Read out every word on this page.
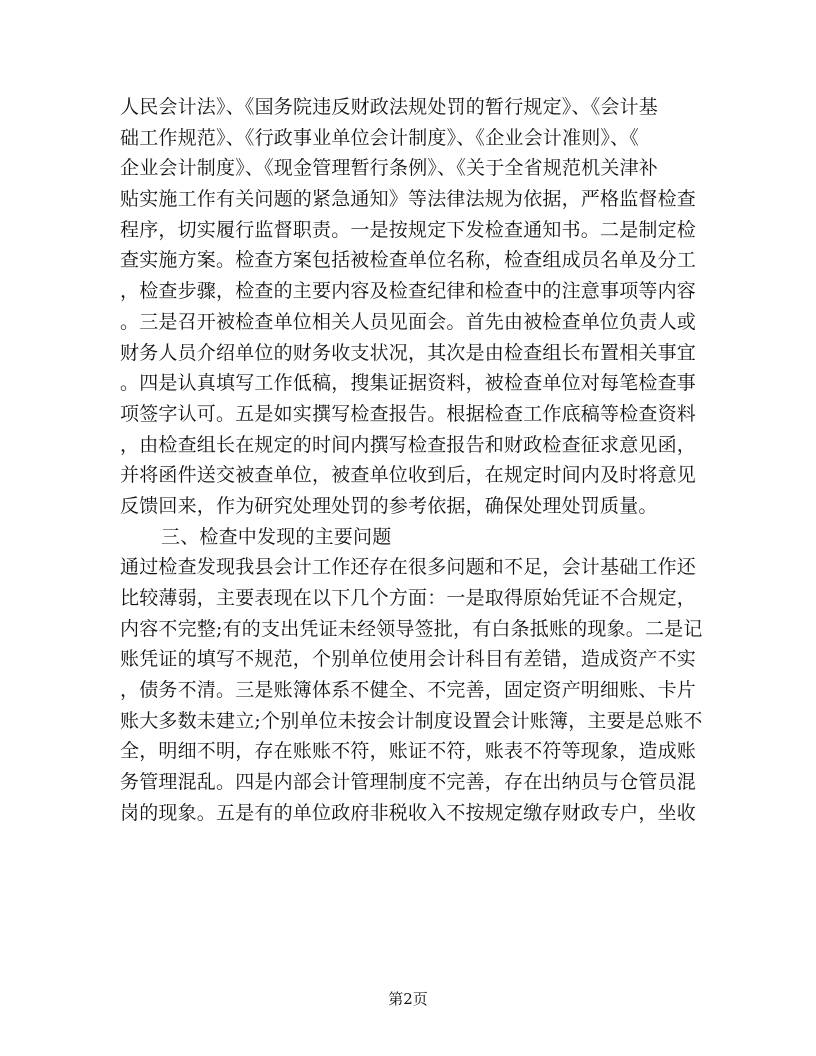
人民会计法》、《国务院违反财政法规处罚的暂行规定》、《会计基
础工作规范》、《行政事业单位会计制度》、《企业会计准则》、《
企业会计制度》、《现金管理暂行条例》、《关于全省规范机关津补
贴实施工作有关问题的紧急通知》等法律法规为依据，严格监督检查
程序，切实履行监督职责。一是按规定下发检查通知书。二是制定检
查实施方案。检查方案包括被检查单位名称，检查组成员名单及分工
，检查步骤，检查的主要内容及检查纪律和检查中的注意事项等内容
。三是召开被检查单位相关人员见面会。首先由被检查单位负责人或
财务人员介绍单位的财务收支状况，其次是由检查组长布置相关事宜
。四是认真填写工作低稿，搜集证据资料，被检查单位对每笔检查事
项签字认可。五是如实撰写检查报告。根据检查工作底稿等检查资料
，由检查组长在规定的时间内撰写检查报告和财政检查征求意见函，
并将函件送交被查单位，被查单位收到后，在规定时间内及时将意见
反馈回来，作为研究处理处罚的参考依据，确保处理处罚质量。
三、检查中发现的主要问题
通过检查发现我县会计工作还存在很多问题和不足，会计基础工作还
比较薄弱，主要表现在以下几个方面：一是取得原始凭证不合规定，
内容不完整;有的支出凭证未经领导签批，有白条抵账的现象。二是记
账凭证的填写不规范，个别单位使用会计科目有差错，造成资产不实
，债务不清。三是账簿体系不健全、不完善，固定资产明细账、卡片
账大多数未建立;个别单位未按会计制度设置会计账簿，主要是总账不
全，明细不明，存在账账不符，账证不符，账表不符等现象，造成账
务管理混乱。四是内部会计管理制度不完善，存在出纳员与仓管员混
岗的现象。五是有的单位政府非税收入不按规定缴存财政专户，坐收
第2页
